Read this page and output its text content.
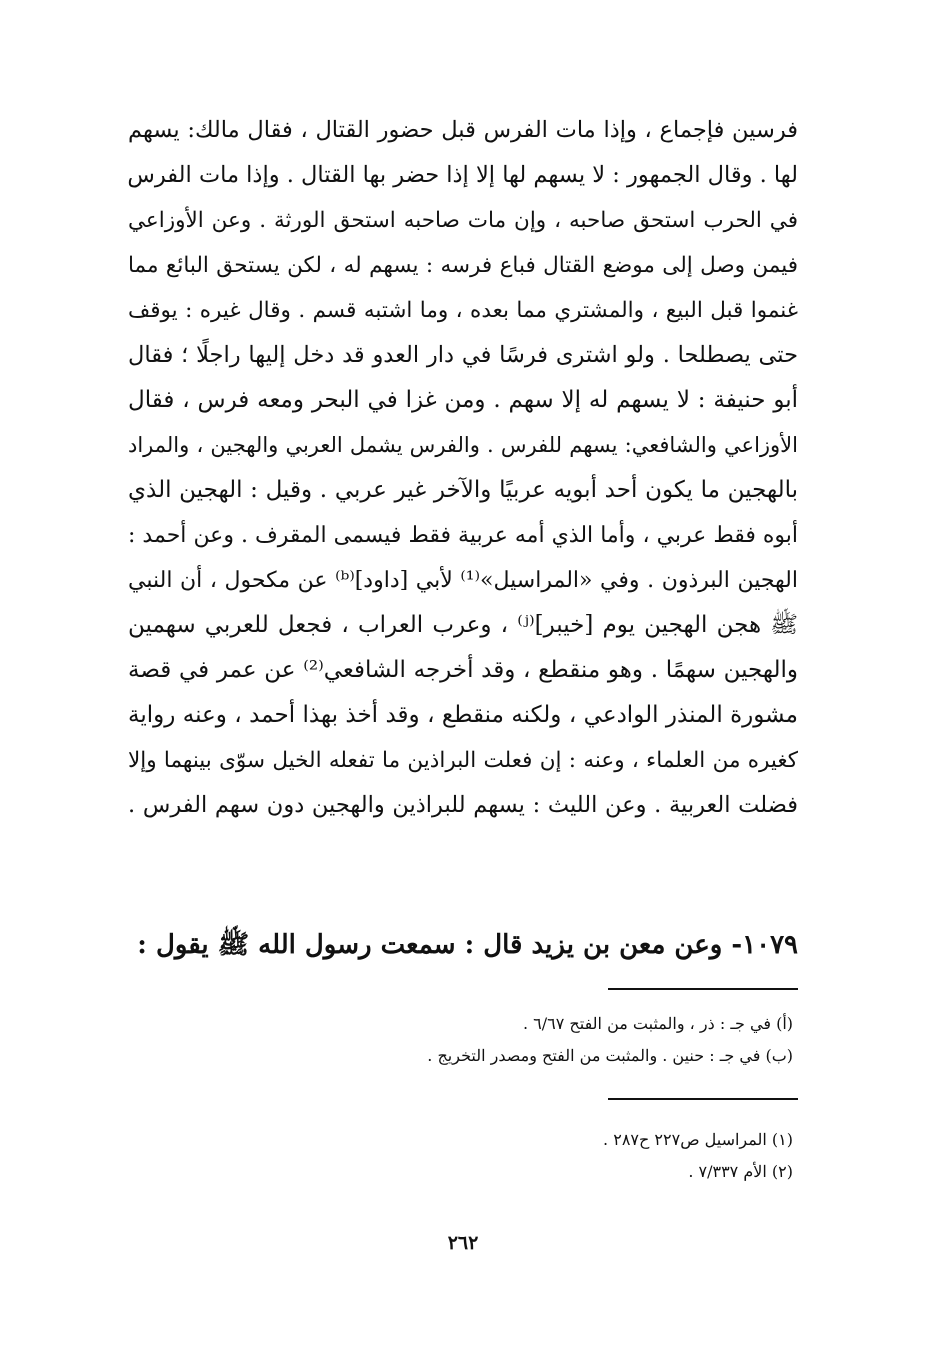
فرسين فإجماع ، وإذا مات الفرس قبل حضور القتال ، فقال مالك: يسهم
لها . وقال الجمهور : لا يسهم لها إلا إذا حضر بها القتال . وإذا مات الفرس
في الحرب استحق صاحبه ، وإن مات صاحبه استحق الورثة . وعن الأوزاعي
فيمن وصل إلى موضع القتال فباع فرسه : يسهم له ، لكن يستحق البائع مما
غنموا قبل البيع ، والمشتري مما بعده ، وما اشتبه قسم . وقال غيره : يوقف
حتى يصطلحا . ولو اشترى فرسًا في دار العدو قد دخل إليها راجلًا ؛ فقال
أبو حنيفة : لا يسهم له إلا سهم . ومن غزا في البحر ومعه فرس ، فقال
الأوزاعي والشافعي: يسهم للفرس . والفرس يشمل العربي والهجين ، والمراد
بالهجين ما يكون أحد أبويه عربيًا والآخر غير عربي . وقيل : الهجين الذي
أبوه فقط عربي ، وأما الذي أمه عربية فقط فيسمى المقرف . وعن أحمد :
الهجين البرذون . وفي «المراسيل»⁽¹⁾ لأبي [داود]⁽ᵇ⁾ عن مكحول ، أن النبي
ﷺ هجن الهجين يوم [خيبر]⁽ʲ⁾ ، وعرب العراب ، فجعل للعربي سهمين
والهجين سهمًا . وهو منقطع ، وقد أخرجه الشافعي⁽²⁾ عن عمر في قصة
مشورة المنذر الوادعي ، ولكنه منقطع ، وقد أخذ بهذا أحمد ، وعنه رواية
كغيره من العلماء ، وعنه : إن فعلت البراذين ما تفعله الخيل سوّى بينهما وإلا
فضلت العربية . وعن الليث : يسهم للبراذين والهجين دون سهم الفرس .
١٠٧٩- وعن معن بن يزيد قال : سمعت رسول الله ﷺ يقول :
(أ) في جـ : ذر ، والمثبت من الفتح ٦/٦٧ .
(ب) في جـ : حنين . والمثبت من الفتح ومصدر التخريج .
(١) المراسيل ص٢٢٧ ح٢٨٧ .
(٢) الأم ٧/٣٣٧ .
٢٦٢
